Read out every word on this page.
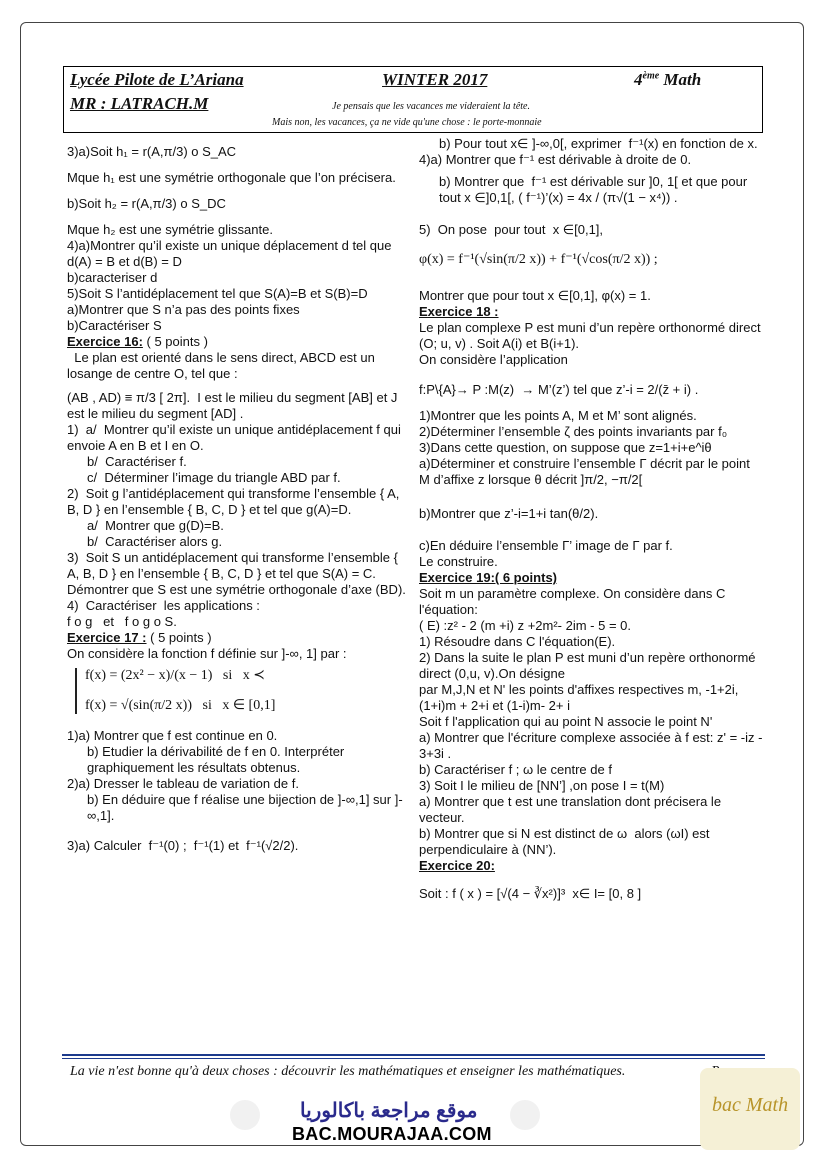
Lycée Pilote de L’Ariana
MR : LATRACH.M
WINTER 2017	4ème Math
Je pensais que les vacances me videraient la tête.
Mais non, les vacances, ça ne vide qu'une chose : le porte-monnaie

3)a)Soit h₁ = r(A,π/3) o S_AC

Mque h₁ est une symétrie orthogonale que l’on précisera.

b)Soit h₂ = r(A,π/3) o S_DC

Mque h₂ est une symétrie glissante.

4)a)Montrer qu’il existe un unique déplacement d tel que d(A) = B et d(B) = D

b)caracteriser d

5)Soit S l’antidéplacement tel que S(A)=B et S(B)=D

a)Montrer que S n’a pas des points fixes

b)Caractériser S

Exercice 16: ( 5 points )

Le plan est orienté dans le sens direct, ABCD est un losange de centre O, tel que :

(AB , AD) ≡ π/3 [ 2π].  I est le milieu du segment [AB] et J est le milieu du segment [AD] .

1)  a/  Montrer qu’il existe un unique antidéplacement f qui envoie A en B et I en O.

b/  Caractériser f.

c/  Déterminer l’image du triangle ABD par f.

2)  Soit g l’antidéplacement qui transforme l’ensemble { A, B, D } en l’ensemble { B, C, D } et tel que g(A)=D.

a/  Montrer que g(D)=B.

b/  Caractériser alors g.

3)  Soit S un antidéplacement qui transforme l’ensemble { A, B, D } en l’ensemble { B, C, D } et tel que S(A) = C.  Démontrer que S est une symétrie orthogonale d’axe (BD).

4)  Caractériser  les applications :

f o g   et   f o g o S.

Exercice 17 : ( 5 points )

On considère la fonction f définie sur ]-∞, 1] par :

f(x) = (2x² − x)/(x − 1)   si   x ≺

f(x) = √(sin(π/2 x))   si   x ∈ [0,1]

1)a) Montrer que f est continue en 0.

b) Etudier la dérivabilité de f en 0. Interpréter graphiquement les résultats obtenus.

2)a) Dresser le tableau de variation de f.

b) En déduire que f réalise une bijection de ]-∞,1] sur ]-∞,1].

3)a) Calculer  f⁻¹(0) ;  f⁻¹(1) et  f⁻¹(√2/2).

b) Pour tout x∈ ]-∞,0[, exprimer  f⁻¹(x) en fonction de x.

4)a) Montrer que f⁻¹ est dérivable à droite de 0.

b) Montrer que  f⁻¹ est dérivable sur ]0, 1[ et que pour tout x ∈]0,1[, ( f⁻¹)’(x) = 4x / (π√(1 − x⁴)) .

5)  On pose  pour tout  x ∈[0,1],

φ(x) = f⁻¹(√sin(π/2 x)) + f⁻¹(√cos(π/2 x)) ;

Montrer que pour tout x ∈[0,1], φ(x) = 1.

Exercice 18 :

Le plan complexe P est muni d’un repère orthonormé direct (O; u, v) . Soit A(i) et B(i+1).

On considère l’application

f:P\{A}→ P :M(z)  → M’(z’) tel que z’-i = 2/(z̄ + i) .

1)Montrer que les points A, M et M’ sont alignés.

2)Déterminer l’ensemble ζ des points invariants par f₀

3)Dans cette question, on suppose que z=1+i+e^iθ

a)Déterminer et construire l’ensemble Γ décrit par le point M d’affixe z lorsque θ décrit ]π/2, −π/2[

b)Montrer que z’-i=1+i tan(θ/2).

c)En déduire l’ensemble Γ’ image de Γ par f.

Le construire.

Exercice 19:( 6 points)

Soit m un paramètre complexe. On considère dans C l'équation:

( E) :z² - 2 (m +i) z +2m²- 2im - 5 = 0.

1) Résoudre dans C l'équation(E).

2) Dans la suite le plan P est muni d’un repère orthonormé direct (0,u, v).On désigne

par M,J,N et N' les points d'affixes respectives m, -1+2i, (1+i)m + 2+i et (1-i)m- 2+ i

Soit f l'application qui au point N associe le point N'

a) Montrer que l'écriture complexe associée à f est: z' = -iz - 3+3i .

b) Caractériser f ; ω le centre de f

3) Soit I le milieu de [NN’] ,on pose I = t(M)

a) Montrer que t est une translation dont précisera le vecteur.

b) Montrer que si N est distinct de ω  alors (ωI) est perpendiculaire à (NN’).

Exercice 20:

Soit : f ( x ) = [√(4 − ∛x²)]³  x∈ I= [0, 8 ]

La vie n'est bonne qu'à deux choses : découvrir les mathématiques et enseigner les mathématiques.
موقع مراجعة باكالوريا
BAC.MOURAJAA.COM
bac Math
